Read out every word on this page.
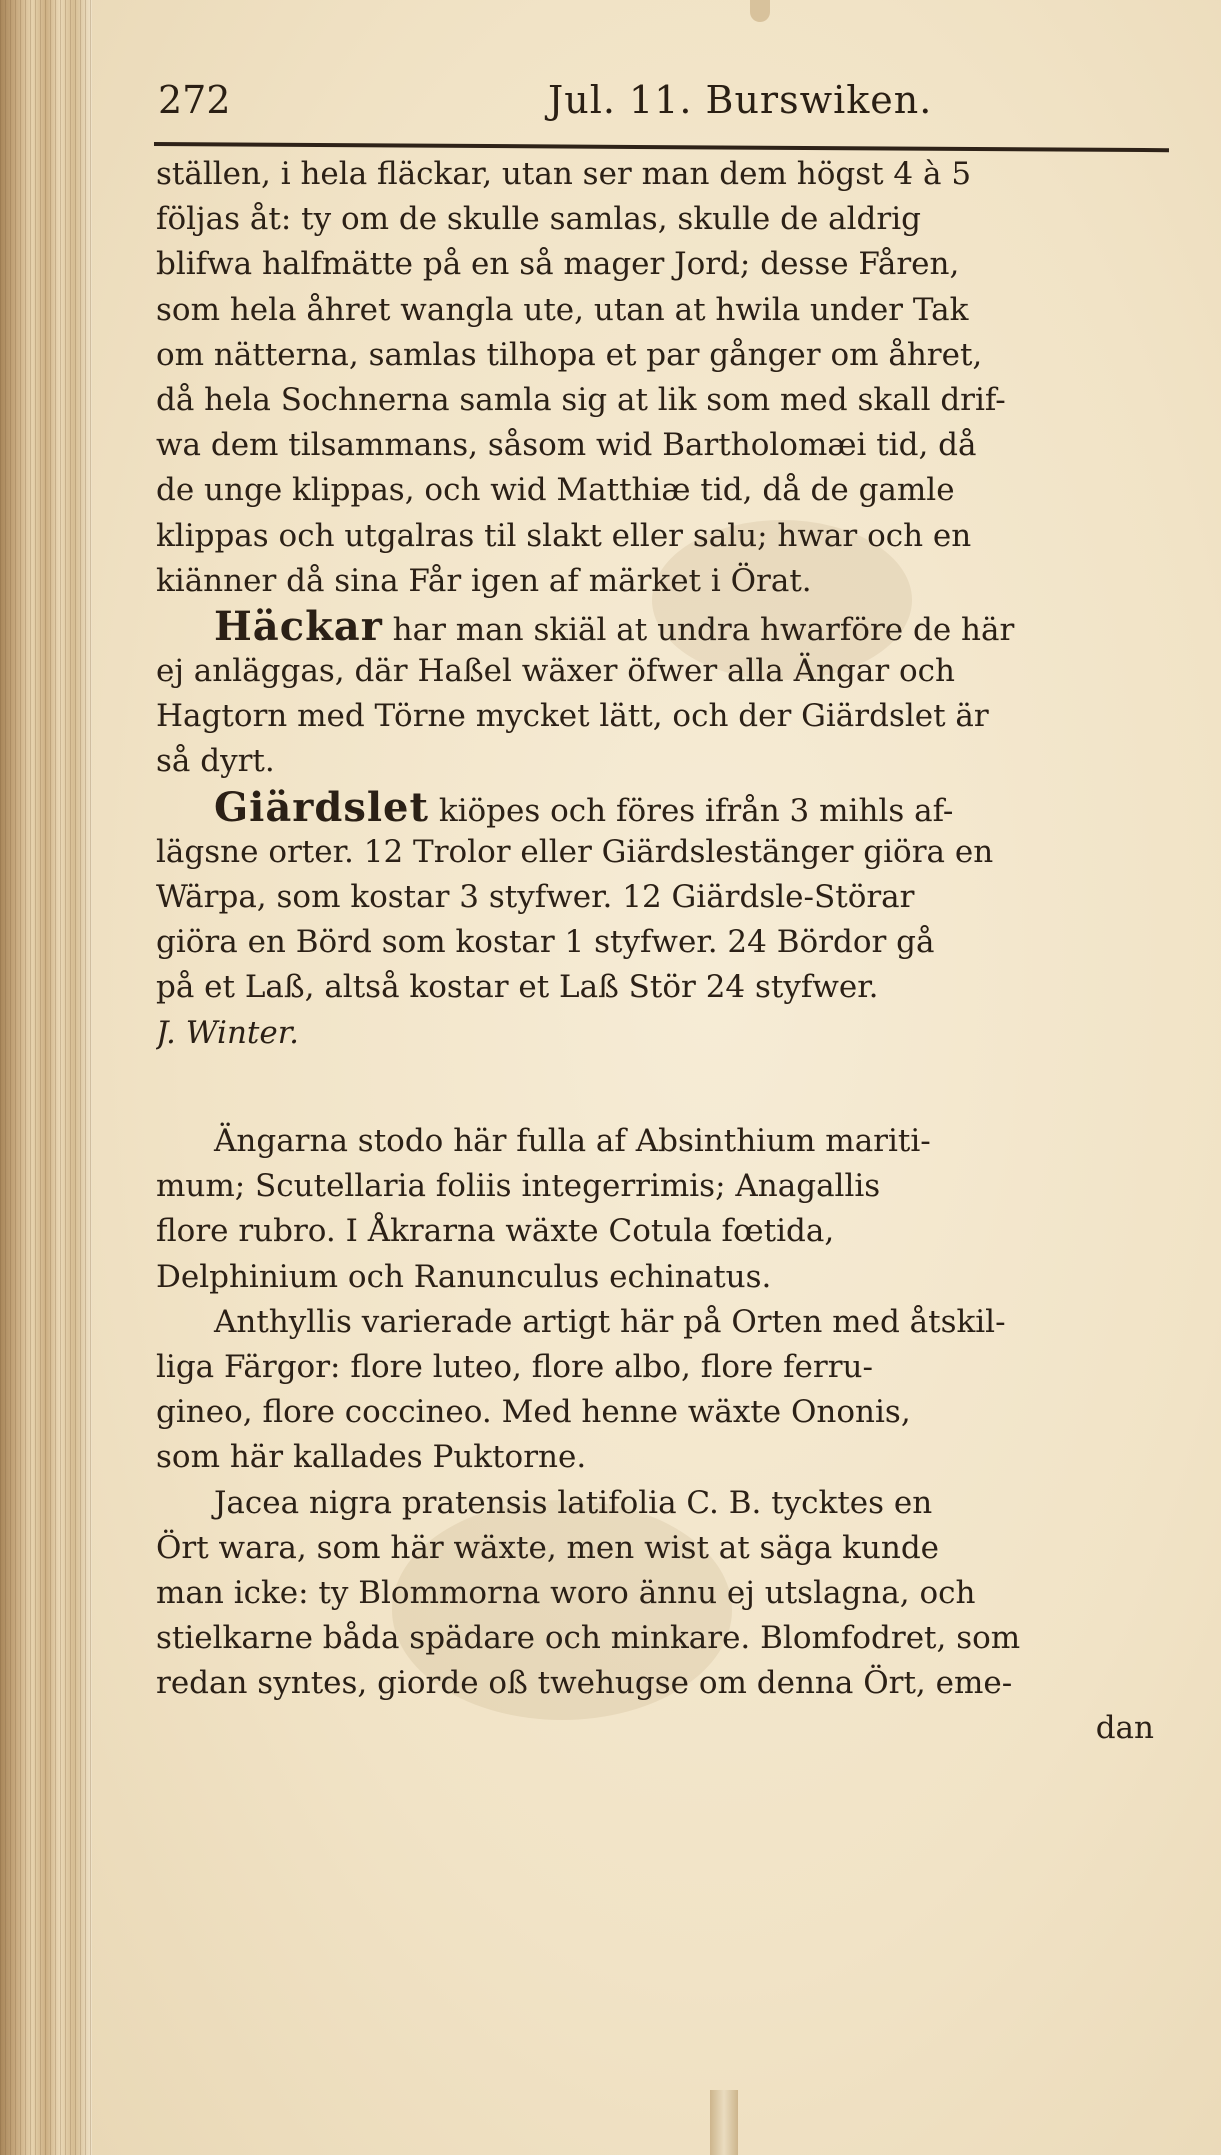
272	Jul. 11. Burswiken.
ställen, i hela fläckar, utan ser man dem högst 4 à 5
följas åt: ty om de skulle samlas, skulle de aldrig
blifwa halfmätte på en så mager Jord; desse Fåren,
som hela åhret wangla ute, utan at hwila under Tak
om nätterna, samlas tilhopa et par gånger om åhret,
då hela Sochnerna samla sig at lik som med skall drif-
wa dem tilsammans, såsom wid Bartholomæi tid, då
de unge klippas, och wid Matthiæ tid, då de gamle
klippas och utgalras til slakt eller salu; hwar och en
kiänner då sina Får igen af märket i Örat.
Häckar har man skiäl at undra hwarföre de här
ej anläggas, där Haßel wäxer öfwer alla Ängar och
Hagtorn med Törne mycket lätt, och der Giärdslet är
så dyrt.
Giärdslet kiöpes och föres ifrån 3 mihls af-
lägsne orter. 12 Trolor eller Giärdslestänger giöra en
Wärpa, som kostar 3 styfwer. 12 Giärdsle-Störar
giöra en Börd som kostar 1 styfwer. 24 Bördor gå
på et Laß, altså kostar et Laß Stör 24 styfwer.
J. Winter.
Ängarna stodo här fulla af Absinthium mariti-
mum; Scutellaria foliis integerrimis; Anagallis
flore rubro. I Åkrarna wäxte Cotula fœtida,
Delphinium och Ranunculus echinatus.
Anthyllis varierade artigt här på Orten med åtskil-
liga Färgor: flore luteo, flore albo, flore ferru-
gineo, flore coccineo. Med henne wäxte Ononis,
som här kallades Puktorne.
Jacea nigra pratensis latifolia C. B. tycktes en
Ört wara, som här wäxte, men wist at säga kunde
man icke: ty Blommorna woro ännu ej utslagna, och
stielkarne båda spädare och minkare. Blomfodret, som
redan syntes, giorde oß twehugse om denna Ört, eme-
dan
